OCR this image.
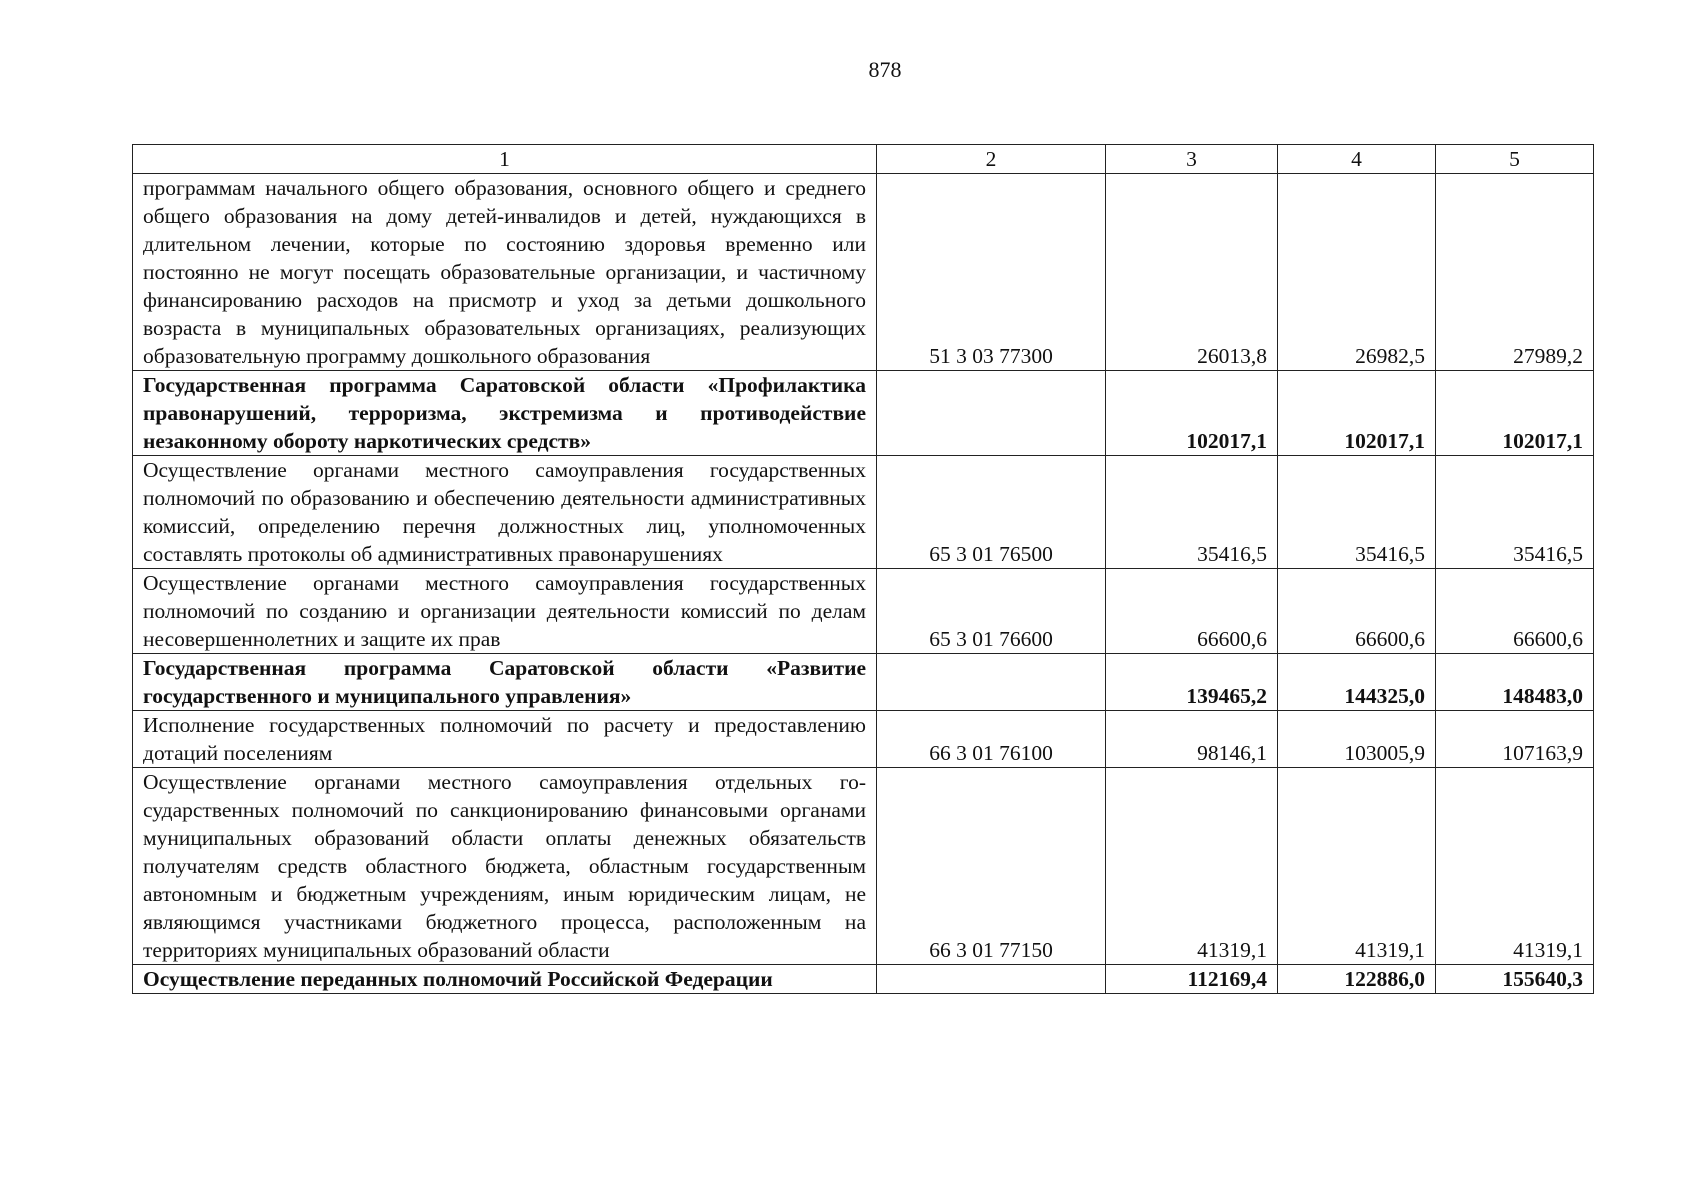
878
1	2	3	4	5
программам начального общего образования, основного общего и среднего общего образования на дому детей-инвалидов и детей, нуждающихся в длительном лечении, которые по состоянию здоровья временно или постоянно не могут посещать образовательные организации, и частичному финансированию расходов на присмотр и уход за детьми дошкольного возраста в муниципальных образовательных организациях, реализующих образовательную программу дошкольного образования	51 3 03 77300	26013,8	26982,5	27989,2
Государственная программа Саратовской области «Профилактика правонарушений, терроризма, экстремизма и противодействие незаконному обороту наркотических средств»		102017,1	102017,1	102017,1
Осуществление органами местного самоуправления государственных полномочий по образованию и обеспечению деятельности административных комиссий, определению перечня должностных лиц, уполномоченных составлять протоколы об административных правонарушениях	65 3 01 76500	35416,5	35416,5	35416,5
Осуществление органами местного самоуправления государственных полномочий по созданию и организации деятельности комиссий по делам несовершеннолетних и защите их прав	65 3 01 76600	66600,6	66600,6	66600,6
Государственная программа Саратовской области «Развитие государственного и муниципального управления»		139465,2	144325,0	148483,0
Исполнение государственных полномочий по расчету и предоставлению дотаций поселениям	66 3 01 76100	98146,1	103005,9	107163,9
Осуществление органами местного самоуправления отдельных государственных полномочий по санкционированию финансовыми органами муниципальных образований области оплаты денежных обязательств получателям средств областного бюджета, областным государственным автономным и бюджетным учреждениям, иным юридическим лицам, не являющимся участниками бюджетного процесса, расположенным на территориях муниципальных образований области	66 3 01 77150	41319,1	41319,1	41319,1
Осуществление переданных полномочий Российской Федерации		112169,4	122886,0	155640,3
